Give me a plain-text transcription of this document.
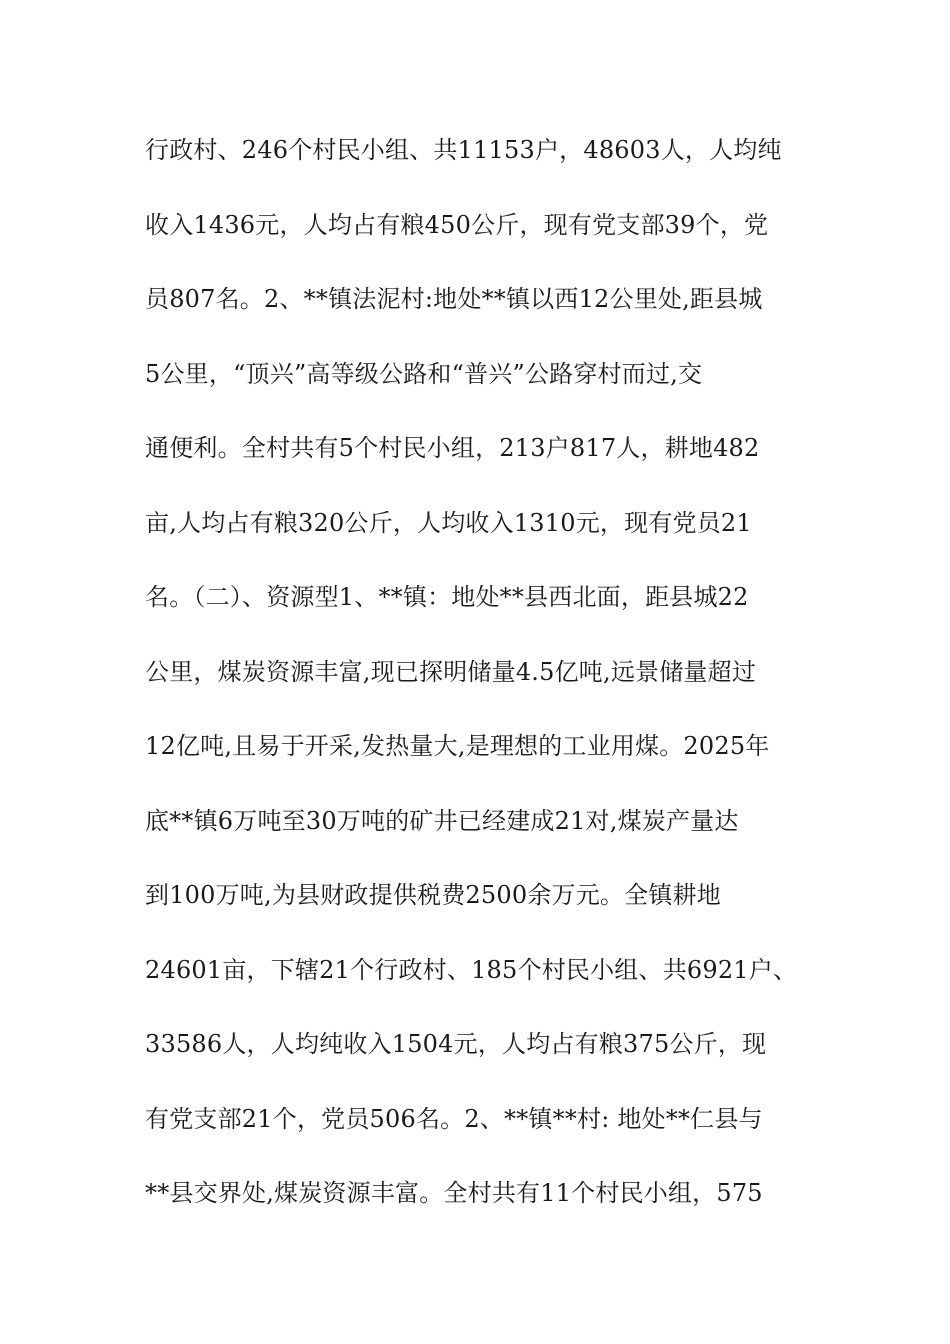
行政村、246个村民小组、共11153户，48603人，人均纯
收入1436元，人均占有粮450公斤，现有党支部39个，党
员807名。2、**镇法泥村:地处**镇以西12公里处,距县城
5公里，“顶兴”高等级公路和“普兴”公路穿村而过,交
通便利。全村共有5个村民小组，213户817人，耕地482
亩,人均占有粮320公斤，人均收入1310元，现有党员21
名。（二）、资源型1、**镇：地处**县西北面，距县城22
公里，煤炭资源丰富,现已探明储量4.5亿吨,远景储量超过
12亿吨,且易于开采,发热量大,是理想的工业用煤。2025年
底**镇6万吨至30万吨的矿井已经建成21对,煤炭产量达
到100万吨,为县财政提供税费2500余万元。全镇耕地
24601亩，下辖21个行政村、185个村民小组、共6921户、
33586人，人均纯收入1504元，人均占有粮375公斤，现
有党支部21个，党员506名。2、**镇**村: 地处**仁县与
**县交界处,煤炭资源丰富。全村共有11个村民小组，575
